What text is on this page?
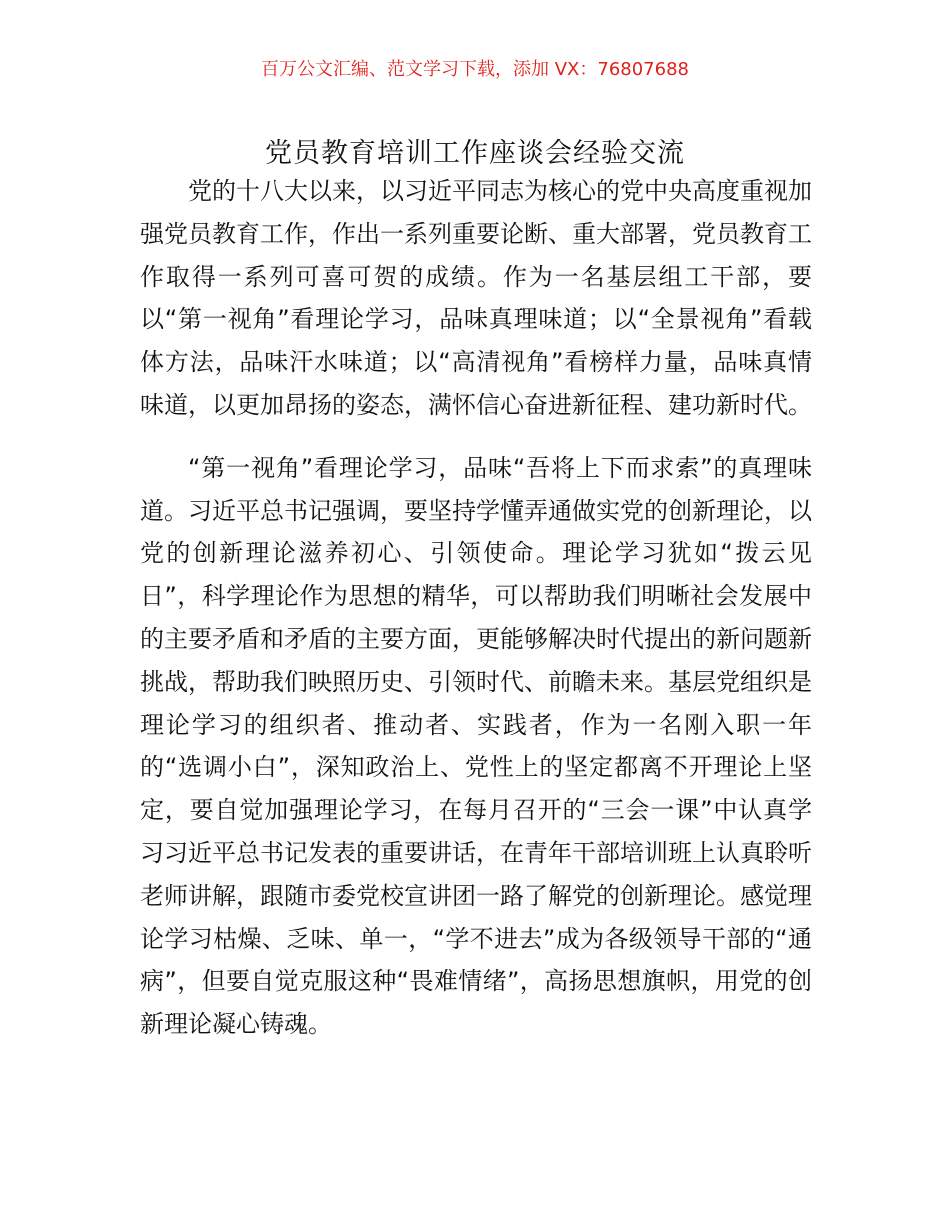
百万公文汇编、范文学习下载，添加 VX：76807688
党员教育培训工作座谈会经验交流

党的十八大以来，以习近平同志为核心的党中央高度重视加强党员教育工作，作出一系列重要论断、重大部署，党员教育工作取得一系列可喜可贺的成绩。作为一名基层组工干部，要以“第一视角”看理论学习，品味真理味道；以“全景视角”看载体方法，品味汗水味道；以“高清视角”看榜样力量，品味真情味道，以更加昂扬的姿态，满怀信心奋进新征程、建功新时代。

“第一视角”看理论学习，品味“吾将上下而求索”的真理味道。习近平总书记强调，要坚持学懂弄通做实党的创新理论，以党的创新理论滋养初心、引领使命。理论学习犹如“拨云见日”，科学理论作为思想的精华，可以帮助我们明晰社会发展中的主要矛盾和矛盾的主要方面，更能够解决时代提出的新问题新挑战，帮助我们映照历史、引领时代、前瞻未来。基层党组织是理论学习的组织者、推动者、实践者，作为一名刚入职一年的“选调小白”，深知政治上、党性上的坚定都离不开理论上坚定，要自觉加强理论学习，在每月召开的“三会一课”中认真学习习近平总书记发表的重要讲话，在青年干部培训班上认真聆听老师讲解，跟随市委党校宣讲团一路了解党的创新理论。感觉理论学习枯燥、乏味、单一，“学不进去”成为各级领导干部的“通病”，但要自觉克服这种“畏难情绪”，高扬思想旗帜，用党的创新理论凝心铸魂。
